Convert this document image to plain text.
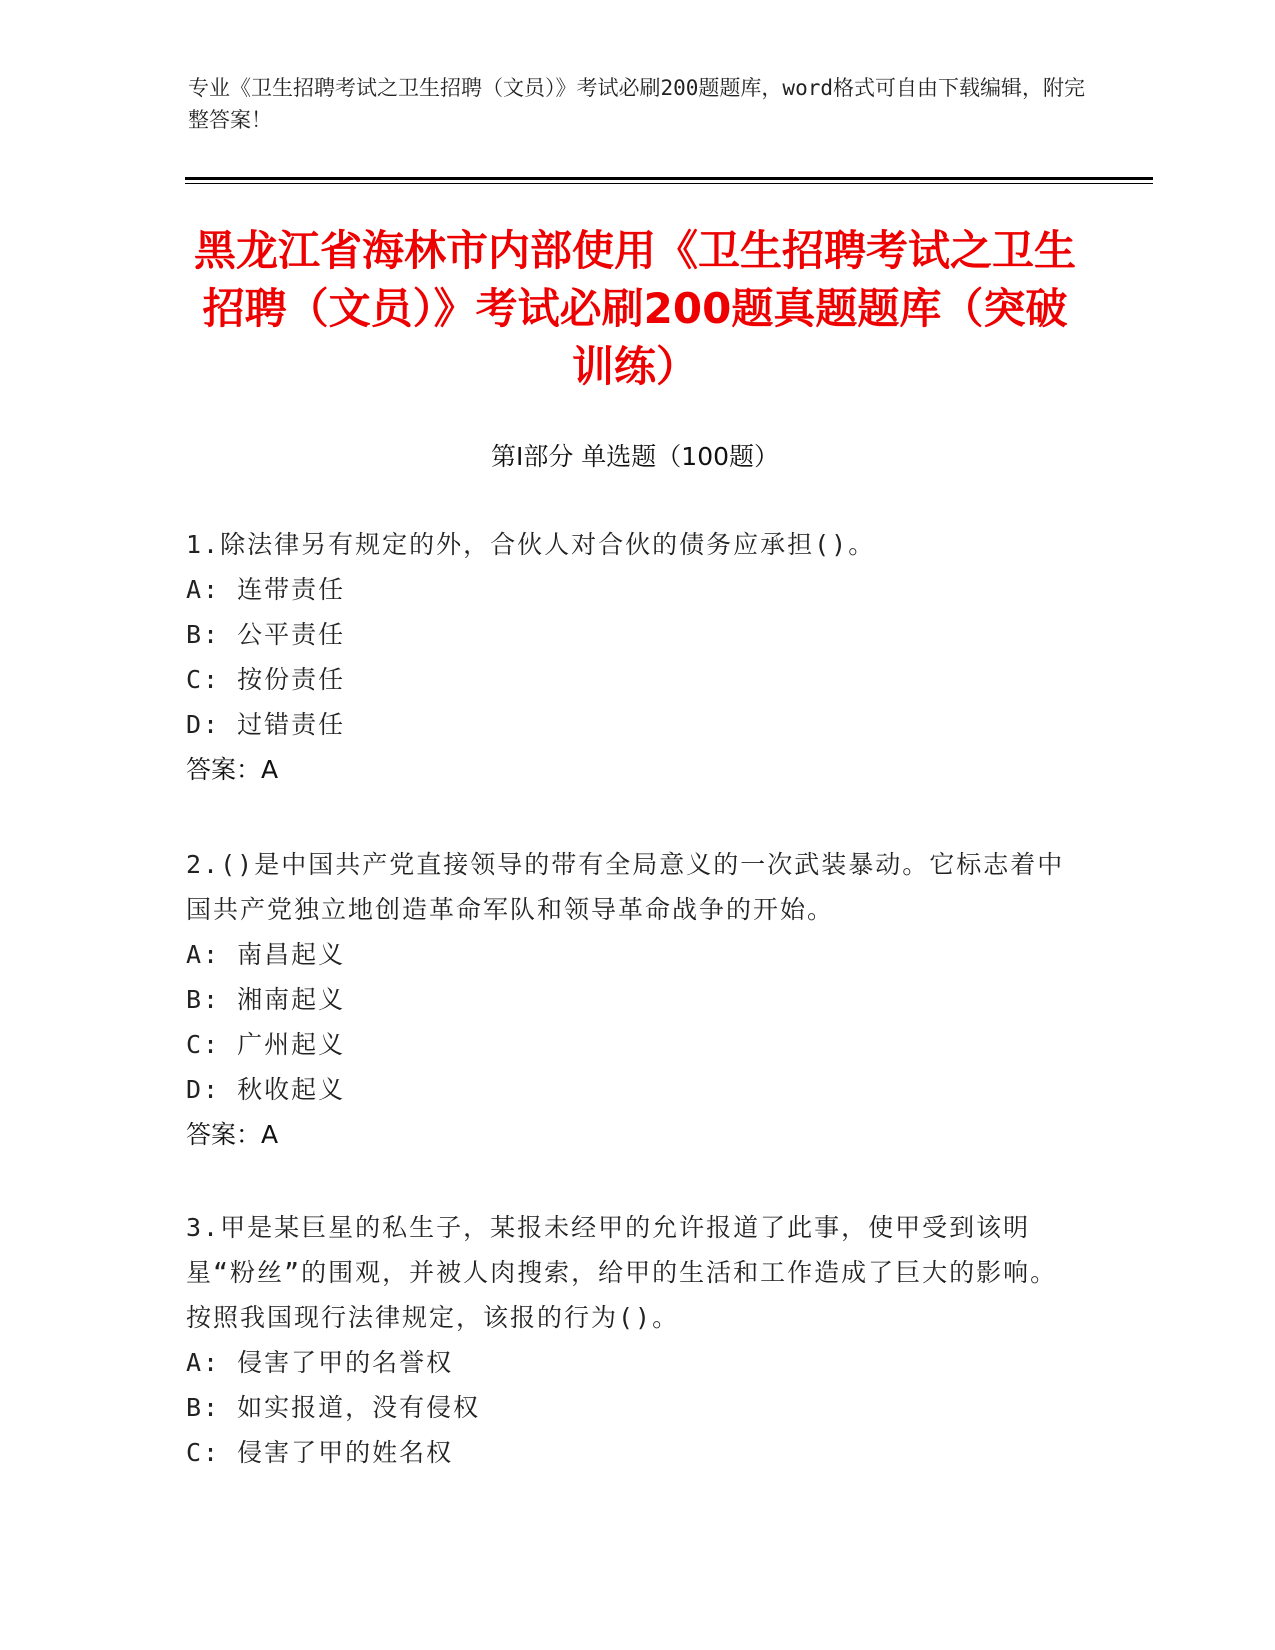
专业《卫生招聘考试之卫生招聘（文员）》考试必刷200题题库，word格式可自由下载编辑，附完整答案！
黑龙江省海林市内部使用《卫生招聘考试之卫生招聘（文员）》考试必刷200题真题题库（突破训练）
第Ⅰ部分 单选题（100题）
1.除法律另有规定的外，合伙人对合伙的债务应承担()。
A: 连带责任
B: 公平责任
C: 按份责任
D: 过错责任
答案：A
2.()是中国共产党直接领导的带有全局意义的一次武装暴动。它标志着中国共产党独立地创造革命军队和领导革命战争的开始。
A: 南昌起义
B: 湘南起义
C: 广州起义
D: 秋收起义
答案：A
3.甲是某巨星的私生子，某报未经甲的允许报道了此事，使甲受到该明星“粉丝”的围观，并被人肉搜索，给甲的生活和工作造成了巨大的影响。按照我国现行法律规定，该报的行为()。
A: 侵害了甲的名誉权
B: 如实报道，没有侵权
C: 侵害了甲的姓名权
